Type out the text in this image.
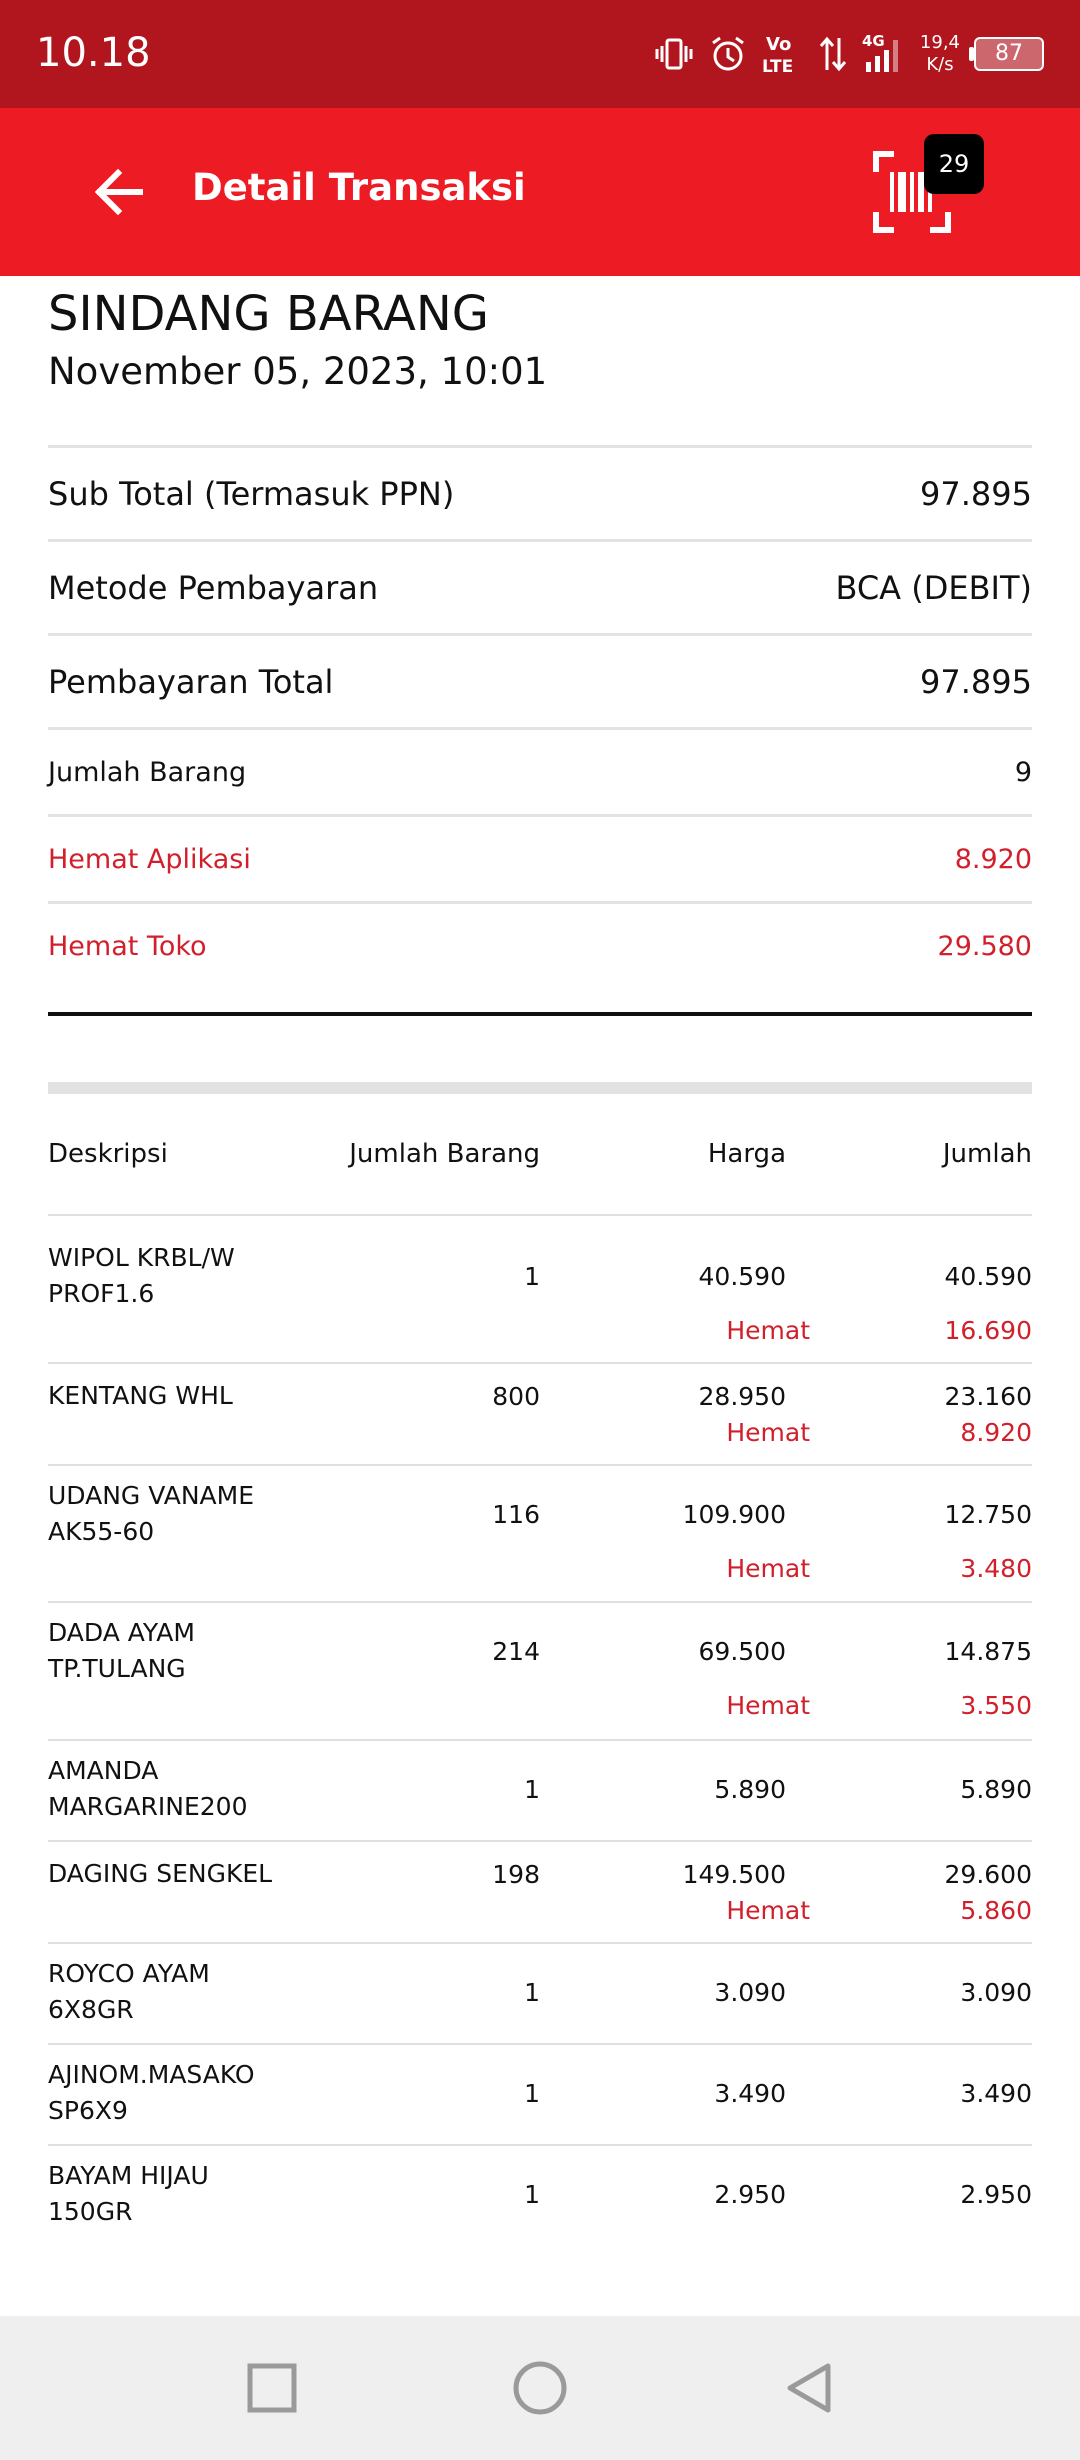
10.18	Vo
LTE
4G 19,4
K/s	87
Detail Transaksi
29
SINDANG BARANG
November 05, 2023, 10:01
Sub Total (Termasuk PPN)	97.895
Metode Pembayaran	BCA (DEBIT)
Pembayaran Total	97.895
Jumlah Barang	9
Hemat Aplikasi	8.920
Hemat Toko	29.580
Deskripsi	Jumlah Barang	Harga	Jumlah
WIPOL KRBL/W
PROF1.6
1	40.590	40.590
Hemat	16.690
KENTANG WHL	800	28.950	23.160
Hemat	8.920
UDANG VANAME
AK55-60
116	109.900	12.750
Hemat	3.480
DADA AYAM
TP.TULANG
214	69.500	14.875
Hemat	3.550
AMANDA
MARGARINE200
1	5.890	5.890
DAGING SENGKEL	198	149.500	29.600
Hemat	5.860
ROYCO AYAM
6X8GR
1	3.090	3.090
AJINOM.MASAKO
SP6X9
1	3.490	3.490
BAYAM HIJAU
150GR
1	2.950	2.950
